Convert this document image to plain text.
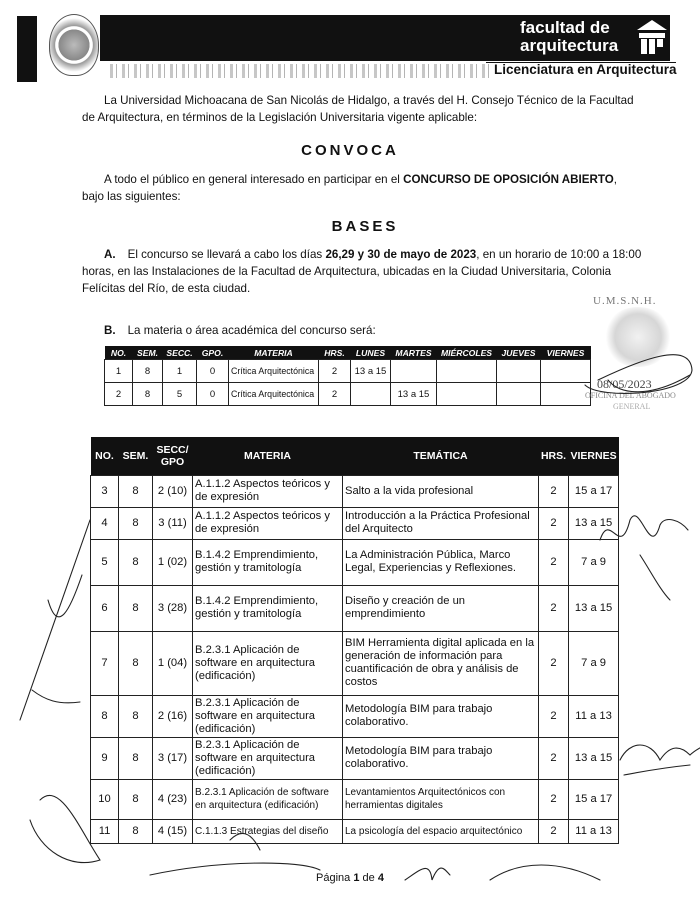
facultad de
arquitectura
Licenciatura en Arquitectura
La Universidad Michoacana de San Nicolás de Hidalgo, a través del H. Consejo Técnico de la Facultad de Arquitectura, en términos de la Legislación Universitaria vigente aplicable:
CONVOCA
A todo el público en general interesado en participar en el CONCURSO DE OPOSICIÓN ABIERTO, bajo las siguientes:
BASES
A. El concurso se llevará a cabo los días 26,29 y 30 de mayo de 2023, en un horario de 10:00 a 18:00 horas, en las Instalaciones de la Facultad de Arquitectura, ubicadas en la Ciudad Universitaria, Colonia Felícitas del Río, de esta ciudad.
B. La materia o área académica del concurso será:
NO.	SEM.	SECC.	GPO.	MATERIA	HRS.	LUNES	MARTES	MIÉRCOLES	JUEVES	VIERNES
1	8	1	0	Crítica Arquitectónica	2	13 a 15				
2	8	5	0	Crítica Arquitectónica	2		13 a 15			
NO.	SEM.	SECC/ GPO	MATERIA	TEMÁTICA	HRS.	VIERNES
3	8	2 (10)	A.1.1.2 Aspectos teóricos y de expresión	Salto a la vida profesional	2	15 a 17
4	8	3 (11)	A.1.1.2 Aspectos teóricos y de expresión	Introducción a la Práctica Profesional del Arquitecto	2	13 a 15
5	8	1 (02)	B.1.4.2 Emprendimiento, gestión y tramitología	La Administración Pública, Marco Legal, Experiencias y Reflexiones.	2	7 a 9
6	8	3 (28)	B.1.4.2 Emprendimiento, gestión y tramitología	Diseño y creación de un emprendimiento	2	13 a 15
7	8	1 (04)	B.2.3.1 Aplicación de software en arquitectura (edificación)	BIM Herramienta digital aplicada en la generación de información para cuantificación de obra y análisis de costos	2	7 a 9
8	8	2 (16)	B.2.3.1 Aplicación de software en arquitectura (edificación)	Metodología BIM para trabajo colaborativo.	2	11 a 13
9	8	3 (17)	B.2.3.1 Aplicación de software en arquitectura (edificación)	Metodología BIM para trabajo colaborativo.	2	13 a 15
10	8	4 (23)	B.2.3.1 Aplicación de software en arquitectura (edificación)	Levantamientos Arquitectónicos con herramientas digitales	2	15 a 17
11	8	4 (15)	C.1.1.3 Estrategias del diseño	La psicología del espacio arquitectónico	2	11 a 13
U.M.S.N.H.
08/05/2023
OFICINA DEL ABOGADO
GENERAL
Página 1 de 4
